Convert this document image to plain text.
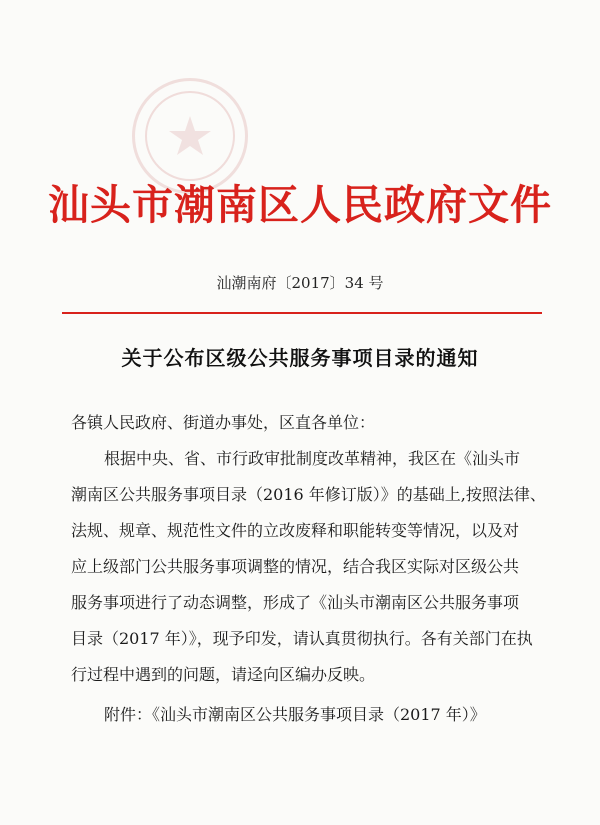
汕头市潮南区人民政府文件
汕潮南府〔2017〕34 号
关于公布区级公共服务事项目录的通知
各镇人民政府、街道办事处，区直各单位：
根据中央、省、市行政审批制度改革精神，我区在《汕头市
潮南区公共服务事项目录（2016 年修订版）》的基础上,按照法律、
法规、规章、规范性文件的立改废释和职能转变等情况，以及对
应上级部门公共服务事项调整的情况，结合我区实际对区级公共
服务事项进行了动态调整，形成了《汕头市潮南区公共服务事项
目录（2017 年）》，现予印发，请认真贯彻执行。各有关部门在执
行过程中遇到的问题，请迳向区编办反映。
附件：《汕头市潮南区公共服务事项目录（2017 年）》
